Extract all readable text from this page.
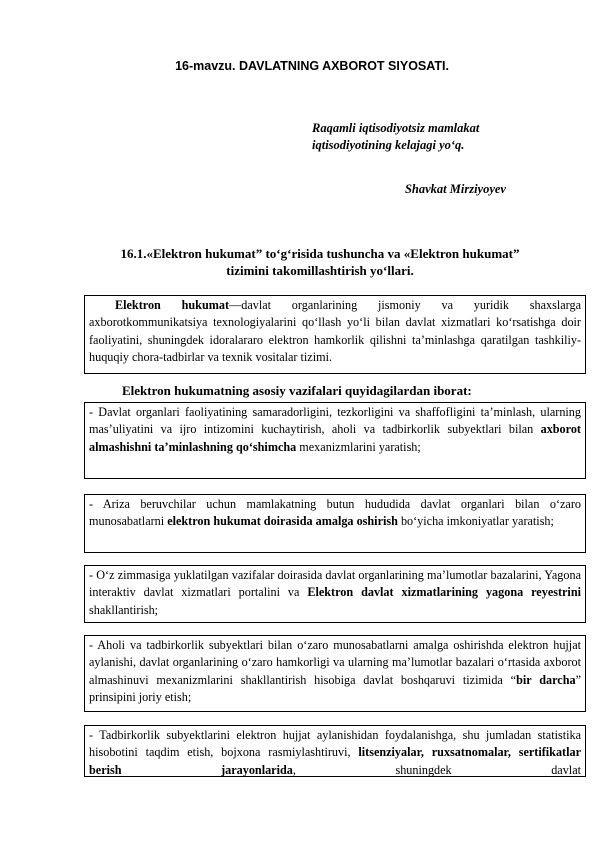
16-mavzu. DAVLATNING AXBOROT SIYOSATI.
Raqamli iqtisodiyotsiz mamlakat
iqtisodiyotining kelajagi yo‘q.
Shavkat Mirziyoyev
16.1.«Elektron hukumat” to‘g‘risida tushuncha va «Elektron hukumat”
tizimini takomillashtirish yo‘llari.
Elektron hukumat—davlat organlarining jismoniy va yuridik shaxslarga axborotkommunikatsiya texnologiyalarini qo‘llash yo‘li bilan davlat xizmatlari ko‘rsatishga doir faoliyatini, shuningdek idoralararo elektron hamkorlik qilishni ta’minlashga qaratilgan tashkiliy-huquqiy chora-tadbirlar va texnik vositalar tizimi.
Elektron hukumatning asosiy vazifalari quyidagilardan iborat:
- Davlat organlari faoliyatining samaradorligini, tezkorligini va shaffofligini ta’minlash, ularning mas’uliyatini va ijro intizomini kuchaytirish, aholi va tadbirkorlik subyektlari bilan axborot almashishni ta’minlashning qo‘shimcha mexanizmlarini yaratish;
- Ariza beruvchilar uchun mamlakatning butun hududida davlat organlari bilan o‘zaro munosabatlarni elektron hukumat doirasida amalga oshirish bo‘yicha imkoniyatlar yaratish;
- O‘z zimmasiga yuklatilgan vazifalar doirasida davlat organlarining ma’lumotlar bazalarini, Yagona interaktiv davlat xizmatlari portalini va Elektron davlat xizmatlarining yagona reyestrini shakllantirish;
- Aholi va tadbirkorlik subyektlari bilan o‘zaro munosabatlarni amalga oshirishda elektron hujjat aylanishi, davlat organlarining o‘zaro hamkorligi va ularning ma’lumotlar bazalari o‘rtasida axborot almashinuvi mexanizmlarini shakllantirish hisobiga davlat boshqaruvi tizimida “bir darcha” prinsipini joriy etish;
- Tadbirkorlik subyektlarini elektron hujjat aylanishidan foydalanishga, shu jumladan statistika hisobotini taqdim etish, bojxona rasmiylashtiruvi, litsenziyalar, ruxsatnomalar, sertifikatlar berish jarayonlarida, shuningdek davlat
